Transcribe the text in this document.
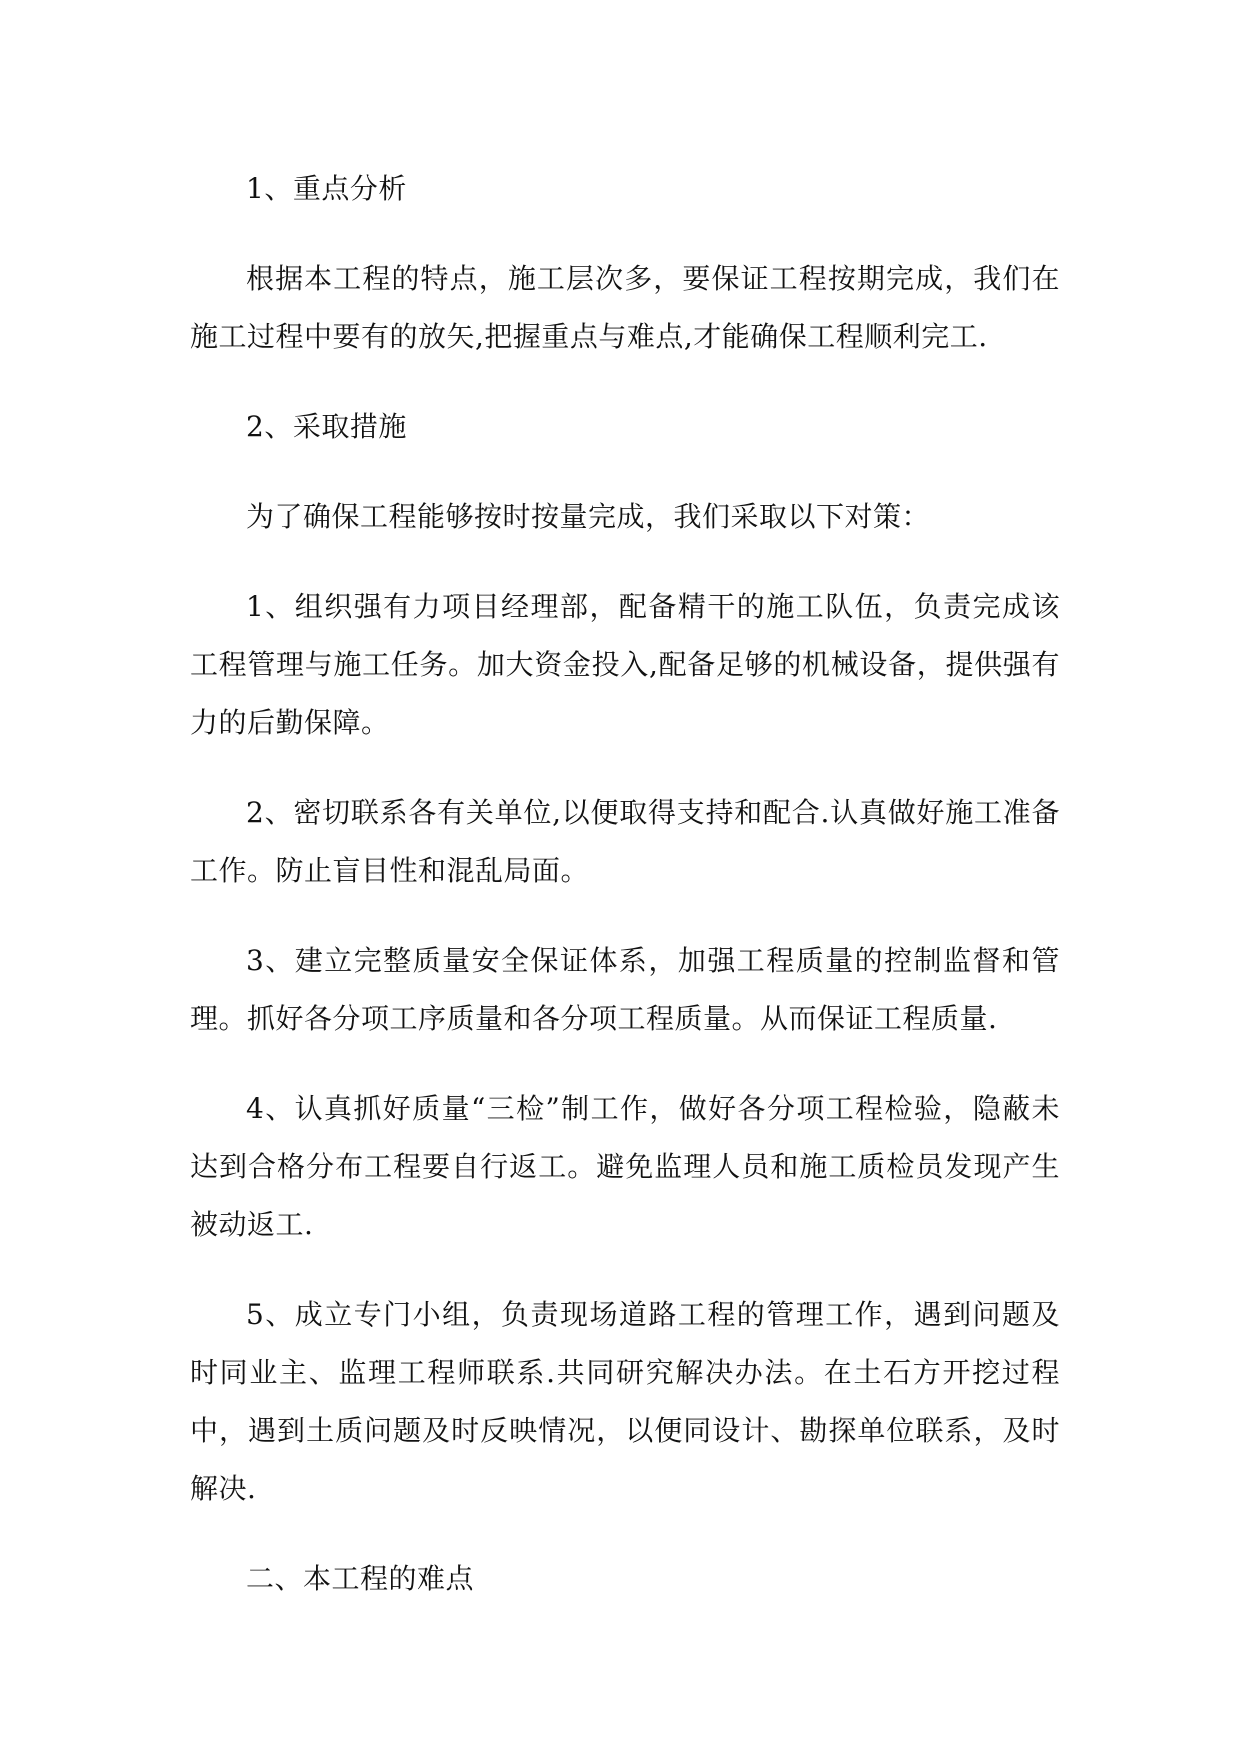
1、重点分析

根据本工程的特点，施工层次多，要保证工程按期完成，我们在施工过程中要有的放矢,把握重点与难点,才能确保工程顺利完工.

2、采取措施

为了确保工程能够按时按量完成，我们采取以下对策：

1、组织强有力项目经理部，配备精干的施工队伍，负责完成该工程管理与施工任务。加大资金投入,配备足够的机械设备，提供强有力的后勤保障。

2、密切联系各有关单位,以便取得支持和配合.认真做好施工准备工作。防止盲目性和混乱局面。

3、建立完整质量安全保证体系，加强工程质量的控制监督和管理。抓好各分项工序质量和各分项工程质量。从而保证工程质量.

4、认真抓好质量“三检”制工作，做好各分项工程检验，隐蔽未达到合格分布工程要自行返工。避免监理人员和施工质检员发现产生被动返工.

5、成立专门小组，负责现场道路工程的管理工作，遇到问题及时同业主、监理工程师联系.共同研究解决办法。在土石方开挖过程中，遇到土质问题及时反映情况，以便同设计、勘探单位联系，及时解决.

二、本工程的难点
